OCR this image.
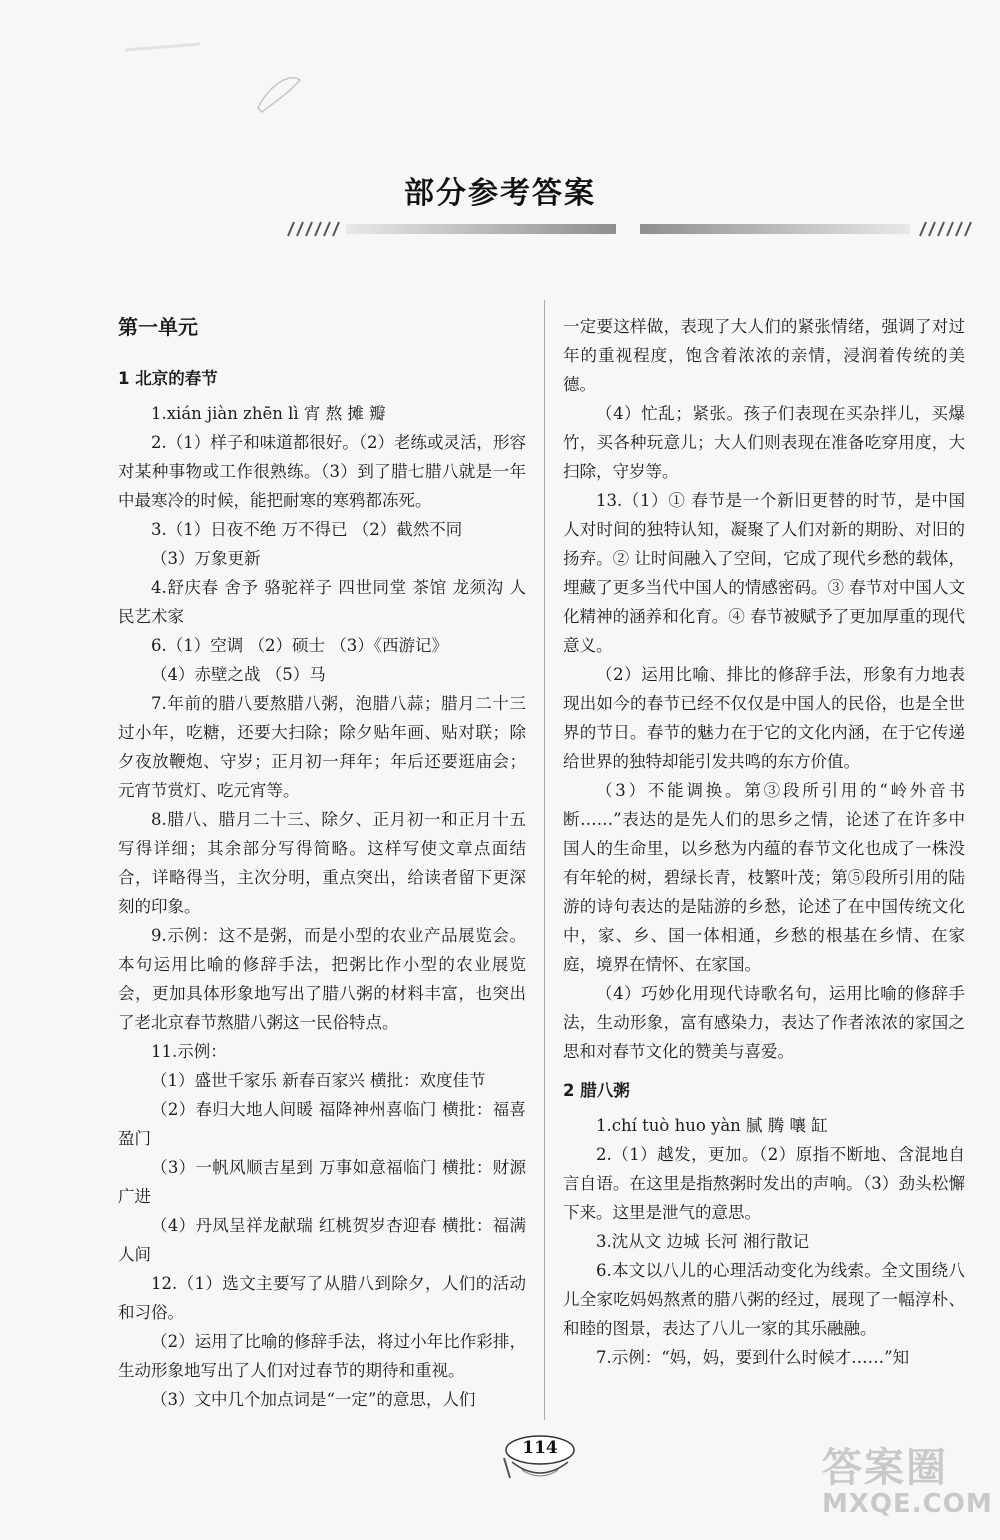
部分参考答案

第一单元

1 北京的春节

1.xián jiàn zhēn lì 宵 熬 摊 瓣

2.（1）样子和味道都很好。（2）老练或灵活，形容对某种事物或工作很熟练。（3）到了腊七腊八就是一年中最寒冷的时候，能把耐寒的寒鸦都冻死。

3.（1）日夜不绝 万不得已 （2）截然不同

（3）万象更新

4.舒庆春 舍予 骆驼祥子 四世同堂 茶馆 龙须沟 人民艺术家

6.（1）空调 （2）硕士 （3）《西游记》

（4）赤壁之战 （5）马

7.年前的腊八要熬腊八粥，泡腊八蒜；腊月二十三过小年，吃糖，还要大扫除；除夕贴年画、贴对联；除夕夜放鞭炮、守岁；正月初一拜年；年后还要逛庙会；元宵节赏灯、吃元宵等。

8.腊八、腊月二十三、除夕、正月初一和正月十五写得详细；其余部分写得简略。这样写使文章点面结合，详略得当，主次分明，重点突出，给读者留下更深刻的印象。

9.示例：这不是粥，而是小型的农业产品展览会。本句运用比喻的修辞手法，把粥比作小型的农业展览会，更加具体形象地写出了腊八粥的材料丰富，也突出了老北京春节熬腊八粥这一民俗特点。

11.示例：

（1）盛世千家乐 新春百家兴 横批：欢度佳节

（2）春归大地人间暖 福降神州喜临门 横批：福喜盈门

（3）一帆风顺吉星到 万事如意福临门 横批：财源广进

（4）丹凤呈祥龙献瑞 红桃贺岁杏迎春 横批：福满人间

12.（1）选文主要写了从腊八到除夕，人们的活动和习俗。

（2）运用了比喻的修辞手法，将过小年比作彩排，生动形象地写出了人们对过春节的期待和重视。

（3）文中几个加点词是“一定”的意思，人们

一定要这样做，表现了大人们的紧张情绪，强调了对过年的重视程度，饱含着浓浓的亲情，浸润着传统的美德。

（4）忙乱；紧张。孩子们表现在买杂拌儿，买爆竹，买各种玩意儿；大人们则表现在准备吃穿用度，大扫除，守岁等。

13.（1）① 春节是一个新旧更替的时节，是中国人对时间的独特认知，凝聚了人们对新的期盼、对旧的扬弃。② 让时间融入了空间，它成了现代乡愁的载体，埋藏了更多当代中国人的情感密码。③ 春节对中国人文化精神的涵养和化育。④ 春节被赋予了更加厚重的现代意义。

（2）运用比喻、排比的修辞手法，形象有力地表现出如今的春节已经不仅仅是中国人的民俗，也是全世界的节日。春节的魅力在于它的文化内涵，在于它传递给世界的独特却能引发共鸣的东方价值。

（3）不能调换。第③段所引用的“岭外音书断……”表达的是先人们的思乡之情，论述了在许多中国人的生命里，以乡愁为内蕴的春节文化也成了一株没有年轮的树，碧绿长青，枝繁叶茂；第⑤段所引用的陆游的诗句表达的是陆游的乡愁，论述了在中国传统文化中，家、乡、国一体相通，乡愁的根基在乡情、在家庭，境界在情怀、在家国。

（4）巧妙化用现代诗歌名句，运用比喻的修辞手法，生动形象，富有感染力，表达了作者浓浓的家国之思和对春节文化的赞美与喜爱。

2 腊八粥

1.chí tuò huo yàn 腻 腾 嚷 缸

2.（1）越发，更加。（2）原指不断地、含混地自言自语。在这里是指熬粥时发出的声响。（3）劲头松懈下来。这里是泄气的意思。

3.沈从文 边城 长河 湘行散记

6.本文以八儿的心理活动变化为线索。全文围绕八儿全家吃妈妈熬煮的腊八粥的经过，展现了一幅淳朴、和睦的图景，表达了八儿一家的其乐融融。

7.示例：“妈，妈，要到什么时候才……”知

114	答案圈
MXQE.COM
